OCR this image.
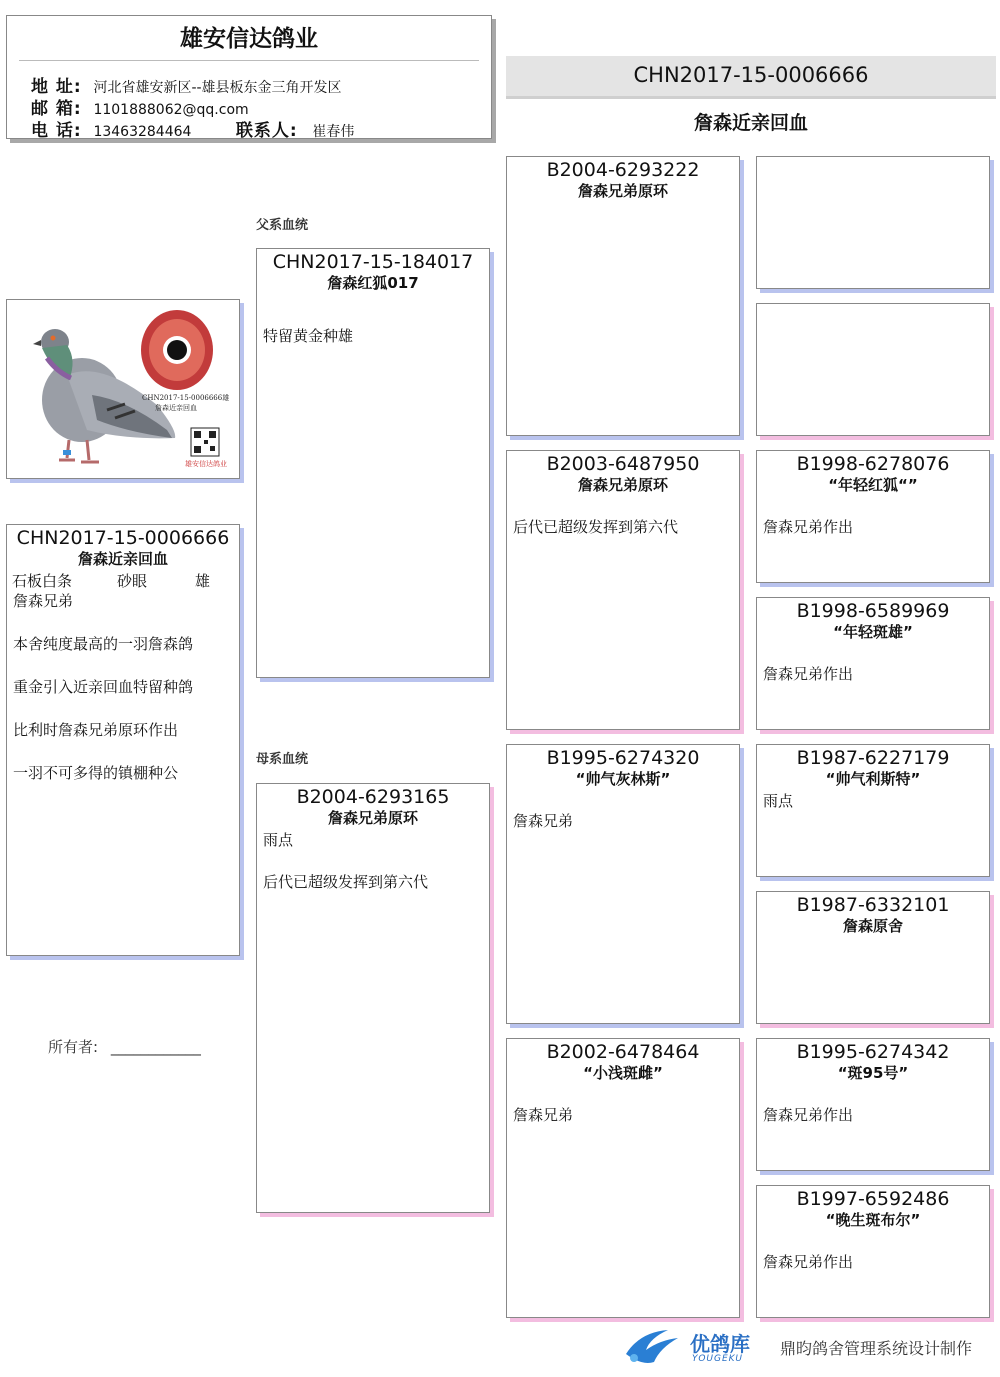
雄安信达鸽业
地 址: 河北省雄安新区--雄县板东金三角开发区
邮 箱: 1101888062@qq.com
电 话: 13463284464	联系人: 崔春伟
CHN2017-15-0006666
詹森近亲回血
CHN2017-15-0006666雄
詹森近亲回血
雄安信达鸽业
CHN2017-15-0006666
詹森近亲回血
石板白条	砂眼	雄
詹森兄弟
本舍纯度最高的一羽詹森鸽
重金引入近亲回血特留种鸽
比利时詹森兄弟原环作出
一羽不可多得的镇棚种公
父系血统
母系血统
CHN2017-15-184017
詹森红狐017
特留黄金种雄
B2004-6293165
詹森兄弟原环
雨点
后代已超级发挥到第六代
B2004-6293222
詹森兄弟原环
B2003-6487950
詹森兄弟原环
后代已超级发挥到第六代
B1995-6274320
“帅气灰林斯”
詹森兄弟
B2002-6478464
“小浅斑雌”
詹森兄弟
B1998-6278076
“年轻红狐“”
詹森兄弟作出
B1998-6589969
“年轻斑雄”
詹森兄弟作出
B1987-6227179
“帅气利斯特”
雨点
B1987-6332101
詹森原舍
B1995-6274342
“斑95号”
詹森兄弟作出
B1997-6592486
“晚生斑布尔”
詹森兄弟作出
所有者: ____________
优鸽库
YOUGEKU
鼎昀鸽舍管理系统设计制作
